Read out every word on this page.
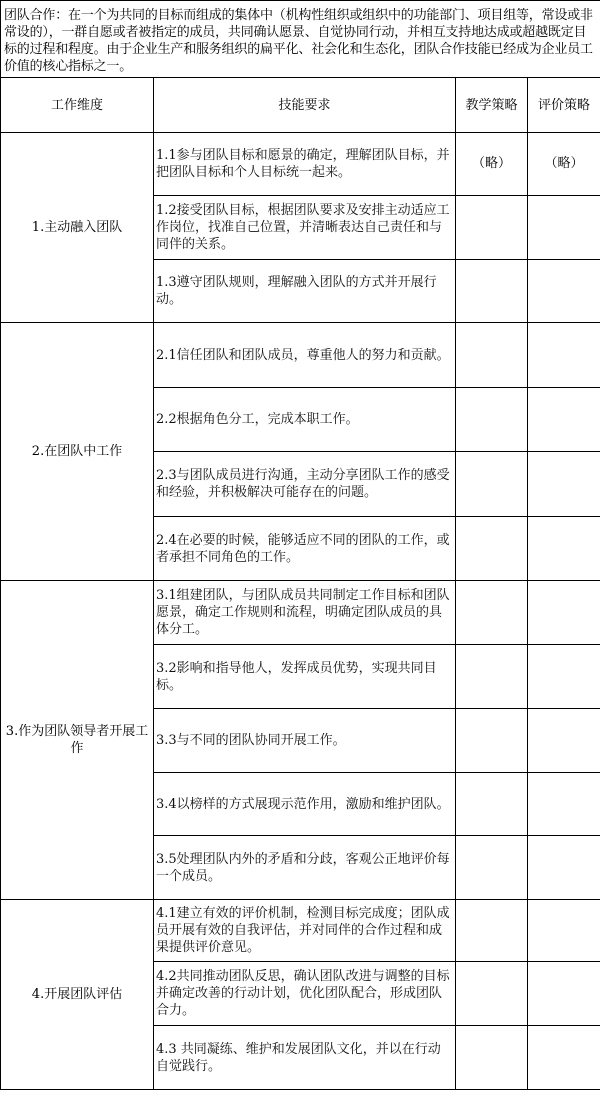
团队合作：在一个为共同的目标而组成的集体中（机构性组织或组织中的功能部门、项目组等，常设或非常设的），一群自愿或者被指定的成员，共同确认愿景、自觉协同行动，并相互支持地达成或超越既定目标的过程和程度。由于企业生产和服务组织的扁平化、社会化和生态化，团队合作技能已经成为企业员工价值的核心指标之一。			
工作维度	技能要求	教学策略	评价策略
1.主动融入团队	1.1参与团队目标和愿景的确定，理解团队目标，并把团队目标和个人目标统一起来。	（略）	（略）
	1.2接受团队目标，根据团队要求及安排主动适应工作岗位，找准自己位置，并清晰表达自己责任和与同伴的关系。		
	1.3遵守团队规则，理解融入团队的方式并开展行动。		
2.在团队中工作	2.1信任团队和团队成员，尊重他人的努力和贡献。		
	2.2根据角色分工，完成本职工作。		
	2.3与团队成员进行沟通，主动分享团队工作的感受和经验，并积极解决可能存在的问题。		
	2.4在必要的时候，能够适应不同的团队的工作，或者承担不同角色的工作。		
3.作为团队领导者开展工作	3.1组建团队，与团队成员共同制定工作目标和团队愿景，确定工作规则和流程，明确定团队成员的具体分工。		
	3.2影响和指导他人，发挥成员优势，实现共同目标。		
	3.3与不同的团队协同开展工作。		
	3.4以榜样的方式展现示范作用，激励和维护团队。		
	3.5处理团队内外的矛盾和分歧，客观公正地评价每一个成员。		
4.开展团队评估	4.1建立有效的评价机制，检测目标完成度；团队成员开展有效的自我评估，并对同伴的合作过程和成果提供评价意见。		
	4.2共同推动团队反思，确认团队改进与调整的目标并确定改善的行动计划，优化团队配合，形成团队合力。		
	4.3 共同凝练、维护和发展团队文化，并以在行动自觉践行。		
